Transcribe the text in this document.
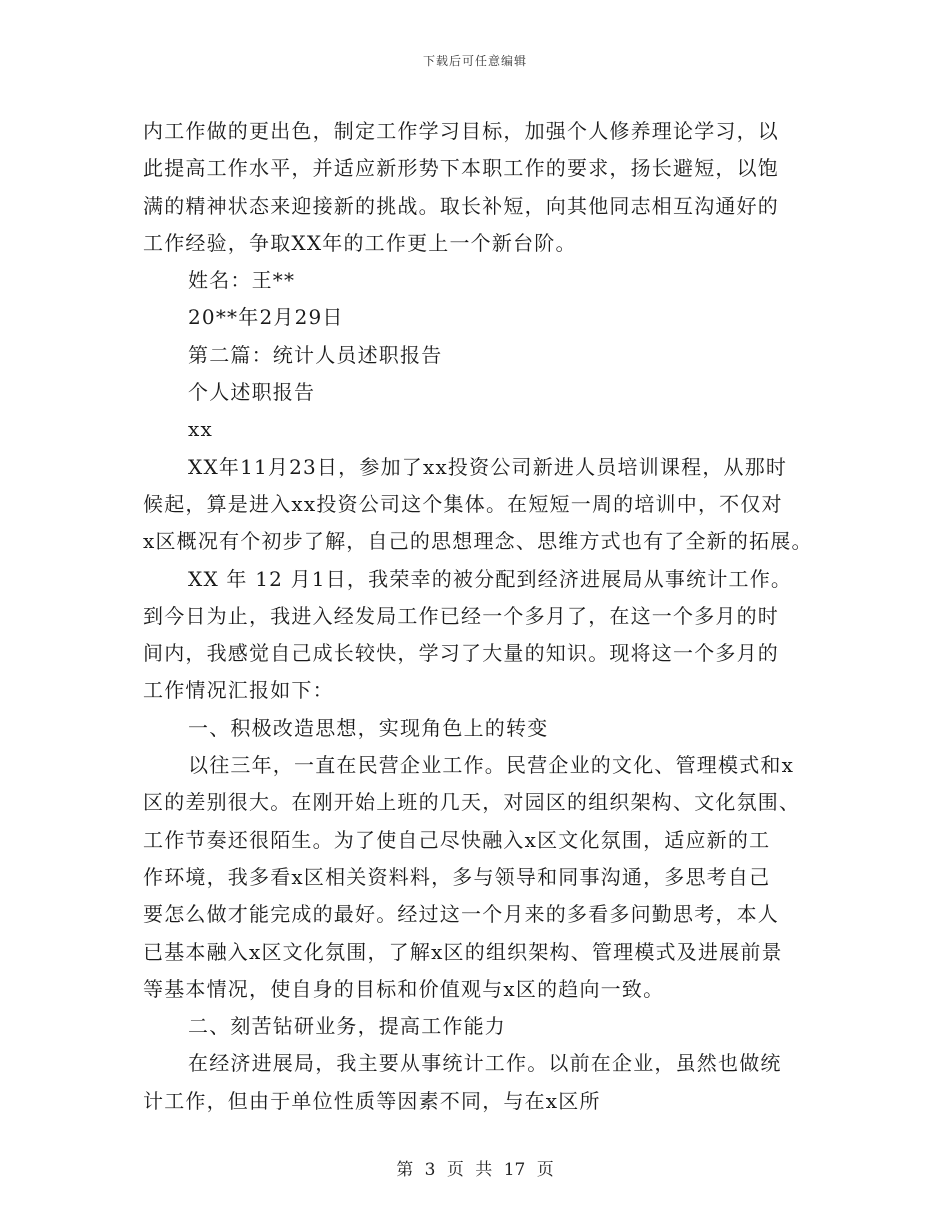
下载后可任意编辑
内工作做的更出色，制定工作学习目标，加强个人修养理论学习，以
此提高工作水平，并适应新形势下本职工作的要求，扬长避短，以饱
满的精神状态来迎接新的挑战。取长补短，向其他同志相互沟通好的
工作经验，争取XX年的工作更上一个新台阶。
姓名：王**
20**年2月29日
第二篇：统计人员述职报告
个人述职报告
xx
XX年11月23日，参加了xx投资公司新进人员培训课程，从那时
候起，算是进入xx投资公司这个集体。在短短一周的培训中，不仅对
x区概况有个初步了解，自己的思想理念、思维方式也有了全新的拓展。
XX 年 12 月1日，我荣幸的被分配到经济进展局从事统计工作。
到今日为止，我进入经发局工作已经一个多月了，在这一个多月的时
间内，我感觉自己成长较快，学习了大量的知识。现将这一个多月的
工作情况汇报如下：
一、积极改造思想，实现角色上的转变
以往三年，一直在民营企业工作。民营企业的文化、管理模式和x
区的差别很大。在刚开始上班的几天，对园区的组织架构、文化氛围、
工作节奏还很陌生。为了使自己尽快融入x区文化氛围，适应新的工
作环境，我多看x区相关资料料，多与领导和同事沟通，多思考自己
要怎么做才能完成的最好。经过这一个月来的多看多问勤思考，本人
已基本融入x区文化氛围，了解x区的组织架构、管理模式及进展前景
等基本情况，使自身的目标和价值观与x区的趋向一致。
二、刻苦钻研业务，提高工作能力
在经济进展局，我主要从事统计工作。以前在企业，虽然也做统
计工作，但由于单位性质等因素不同，与在x区所
第 3 页 共 17 页
